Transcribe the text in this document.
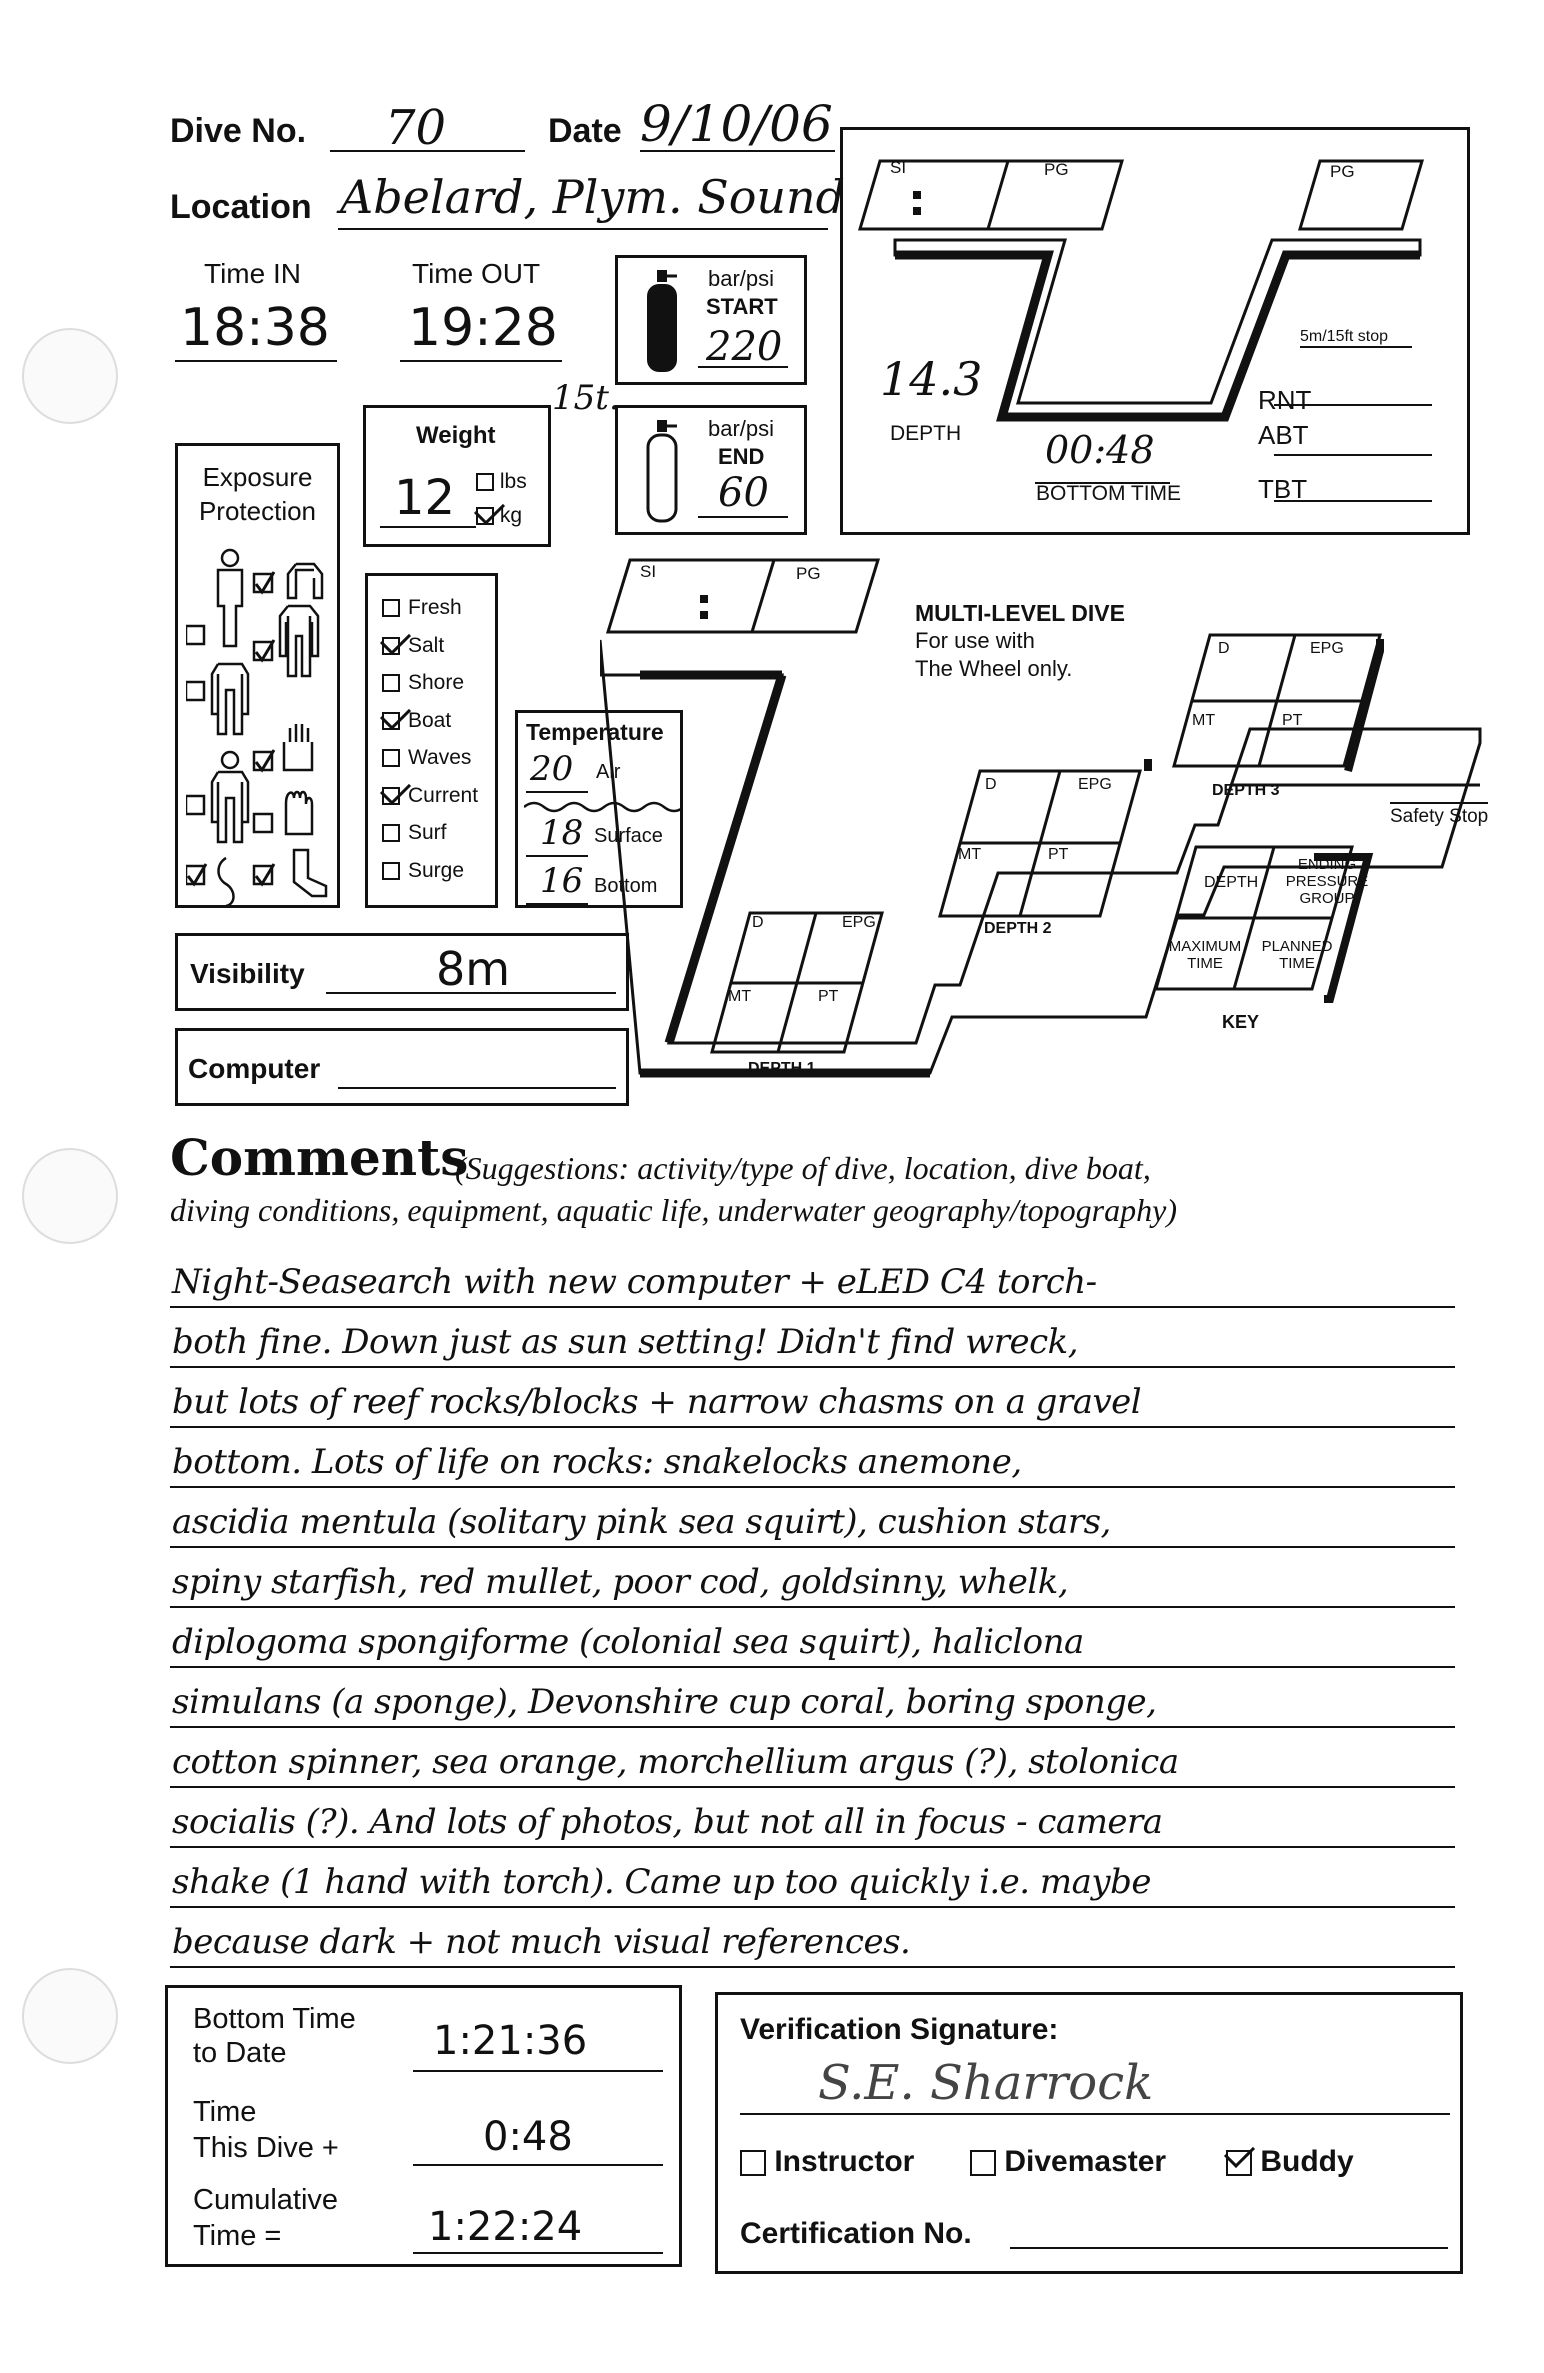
Dive No. 70	Date 9/10/06
Location Abelard, Plym. Sound
Time IN
18:38
Time OUT
19:28
bar/psi
START
220
15t.
bar/psi
END
60
Weight
12	lbs
kg
Exposure
Protection
Fresh
Salt
Shore
Boat
Waves
Current
Surf
Surge
Temperature
20 Air
18 Surface
16 Bottom
Visibility	8m
Computer
SI	PG	PG
5m/15ft stop
14.3
DEPTH 00:48
BOTTOM TIME
RNT
ABT
TBT
SI	PG
MULTI-LEVEL DIVE
For use with
The Wheel only.
D	EPG
MT	PT
DEPTH 1
D	EPG
MT	PT
DEPTH 2
D	EPG
MT	PT
DEPTH 3
Safety Stop
DEPTH
ENDING
PRESSURE
GROUP
MAXIMUM
TIME
PLANNED
TIME
KEY
Comments
(Suggestions: activity/type of dive, location, dive boat,
diving conditions, equipment, aquatic life, underwater geography/topography)
Night-Seasearch with new computer + eLED C4 torch-
both fine. Down just as sun setting! Didn't find wreck,
but lots of reef rocks/blocks + narrow chasms on a gravel
bottom. Lots of life on rocks: snakelocks anemone,
ascidia mentula (solitary pink sea squirt), cushion stars,
spiny starfish, red mullet, poor cod, goldsinny, whelk,
diplogoma spongiforme (colonial sea squirt), haliclona
simulans (a sponge), Devonshire cup coral, boring sponge,
cotton spinner, sea orange, morchellium argus (?), stolonica
socialis (?). And lots of photos, but not all in focus - camera
shake (1 hand with torch). Came up too quickly i.e. maybe
because dark + not much visual references.
Bottom Time
to Date	1:21:36
Time
This Dive +	0:48
Cumulative
Time =	1:22:24
Verification Signature:
S.E. Sharrock
Instructor	Divemaster	Buddy
Certification No.
